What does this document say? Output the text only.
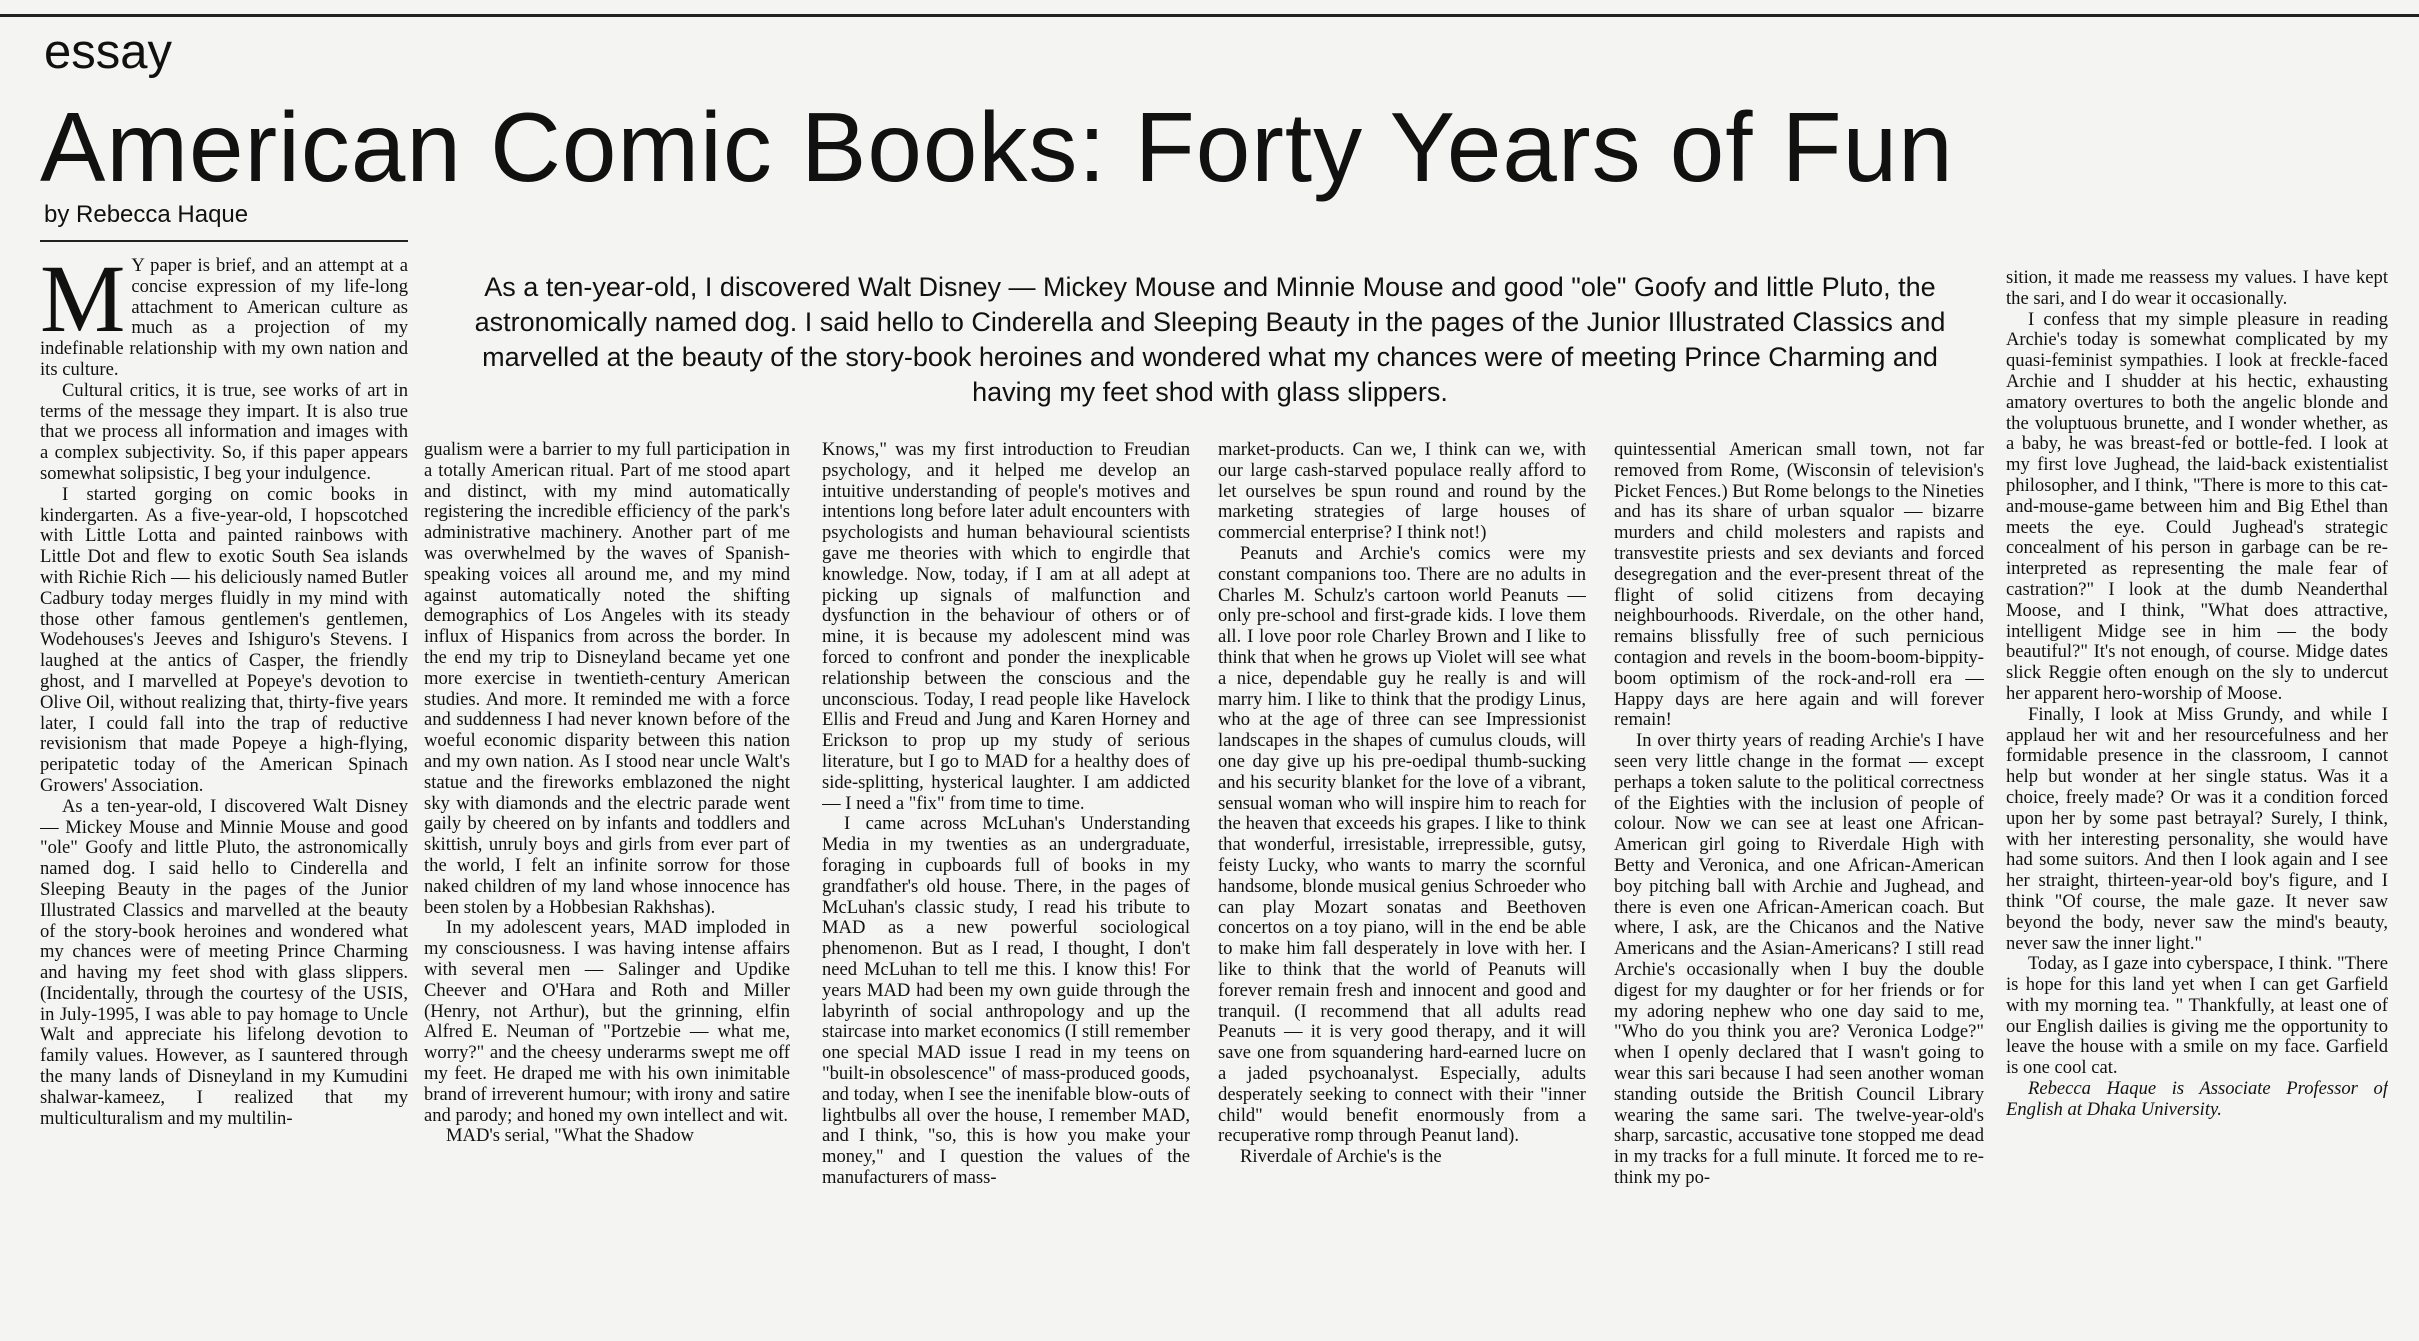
essay
American Comic Books: Forty Years of Fun
by Rebecca Haque

As a ten-year-old, I discovered Walt Disney — Mickey Mouse and Minnie Mouse and good "ole" Goofy and little Pluto, the astronomically named dog. I said hello to Cinderella and Sleeping Beauty in the pages of the Junior Illustrated Classics and marvelled at the beauty of the story-book heroines and wondered what my chances were of meeting Prince Charming and having my feet shod with glass slippers.

M Y paper is brief, and an attempt at a concise expression of my life-long attachment to American culture as much as a projection of my indefinable relationship with my own nation and its culture.

Cultural critics, it is true, see works of art in terms of the message they impart. It is also true that we process all information and images with a complex subjectivity. So, if this paper appears somewhat solipsistic, I beg your indulgence.

I started gorging on comic books in kindergarten. As a five-year-old, I hopscotched with Little Lotta and painted rainbows with Little Dot and flew to exotic South Sea islands with Richie Rich — his deliciously named Butler Cadbury today merges fluidly in my mind with those other famous gentlemen's gentlemen, Wodehouses's Jeeves and Ishiguro's Stevens. I laughed at the antics of Casper, the friendly ghost, and I marvelled at Popeye's devotion to Olive Oil, without realizing that, thirty-five years later, I could fall into the trap of reductive revisionism that made Popeye a high-flying, peripatetic today of the American Spinach Growers' Association.

As a ten-year-old, I discovered Walt Disney — Mickey Mouse and Minnie Mouse and good "ole" Goofy and little Pluto, the astronomically named dog. I said hello to Cinderella and Sleeping Beauty in the pages of the Junior Illustrated Classics and marvelled at the beauty of the story-book heroines and wondered what my chances were of meeting Prince Charming and having my feet shod with glass slippers. (Incidentally, through the courtesy of the USIS, in July-1995, I was able to pay homage to Uncle Walt and appreciate his lifelong devotion to family values. However, as I sauntered through the many lands of Disneyland in my Kumudini shalwar-kameez, I realized that my multiculturalism and my multilin-

gualism were a barrier to my full participation in a totally American ritual. Part of me stood apart and distinct, with my mind automatically registering the incredible efficiency of the park's administrative machinery. Another part of me was overwhelmed by the waves of Spanish-speaking voices all around me, and my mind against automatically noted the shifting demographics of Los Angeles with its steady influx of Hispanics from across the border. In the end my trip to Disneyland became yet one more exercise in twentieth-century American studies. And more. It reminded me with a force and suddenness I had never known before of the woeful economic disparity between this nation and my own nation. As I stood near uncle Walt's statue and the fireworks emblazoned the night sky with diamonds and the electric parade went gaily by cheered on by infants and toddlers and skittish, unruly boys and girls from ever part of the world, I felt an infinite sorrow for those naked children of my land whose innocence has been stolen by a Hobbesian Rakhshas).

In my adolescent years, MAD imploded in my consciousness. I was having intense affairs with several men — Salinger and Updike Cheever and O'Hara and Roth and Miller (Henry, not Arthur), but the grinning, elfin Alfred E. Neuman of "Portzebie — what me, worry?" and the cheesy underarms swept me off my feet. He draped me with his own inimitable brand of irreverent humour; with irony and satire and parody; and honed my own intellect and wit.

MAD's serial, "What the Shadow

Knows," was my first introduction to Freudian psychology, and it helped me develop an intuitive understanding of people's motives and intentions long before later adult encounters with psychologists and human behavioural scientists gave me theories with which to engirdle that knowledge. Now, today, if I am at all adept at picking up signals of malfunction and dysfunction in the behaviour of others or of mine, it is because my adolescent mind was forced to confront and ponder the inexplicable relationship between the conscious and the unconscious. Today, I read people like Havelock Ellis and Freud and Jung and Karen Horney and Erickson to prop up my study of serious literature, but I go to MAD for a healthy does of side-splitting, hysterical laughter. I am addicted — I need a "fix" from time to time.

I came across McLuhan's Understanding Media in my twenties as an undergraduate, foraging in cupboards full of books in my grandfather's old house. There, in the pages of McLuhan's classic study, I read his tribute to MAD as a new powerful sociological phenomenon. But as I read, I thought, I don't need McLuhan to tell me this. I know this! For years MAD had been my own guide through the labyrinth of social anthropology and up the staircase into market economics (I still remember one special MAD issue I read in my teens on "built-in obsolescence" of mass-produced goods, and today, when I see the inenifable blow-outs of lightbulbs all over the house, I remember MAD, and I think, "so, this is how you make your money," and I question the values of the manufacturers of mass-

market-products. Can we, I think can we, with our large cash-starved populace really afford to let ourselves be spun round and round by the marketing strategies of large houses of commercial enterprise? I think not!)

Peanuts and Archie's comics were my constant companions too. There are no adults in Charles M. Schulz's cartoon world Peanuts — only pre-school and first-grade kids. I love them all. I love poor role Charley Brown and I like to think that when he grows up Violet will see what a nice, dependable guy he really is and will marry him. I like to think that the prodigy Linus, who at the age of three can see Impressionist landscapes in the shapes of cumulus clouds, will one day give up his pre-oedipal thumb-sucking and his security blanket for the love of a vibrant, sensual woman who will inspire him to reach for the heaven that exceeds his grapes. I like to think that wonderful, irresistable, irrepressible, gutsy, feisty Lucky, who wants to marry the scornful handsome, blonde musical genius Schroeder who can play Mozart sonatas and Beethoven concertos on a toy piano, will in the end be able to make him fall desperately in love with her. I like to think that the world of Peanuts will forever remain fresh and innocent and good and tranquil. (I recommend that all adults read Peanuts — it is very good therapy, and it will save one from squandering hard-earned lucre on a jaded psychoanalyst. Especially, adults desperately seeking to connect with their "inner child" would benefit enormously from a recuperative romp through Peanut land).

Riverdale of Archie's is the

quintessential American small town, not far removed from Rome, (Wisconsin of television's Picket Fences.) But Rome belongs to the Nineties and has its share of urban squalor — bizarre murders and child molesters and rapists and transvestite priests and sex deviants and forced desegregation and the ever-present threat of the flight of solid citizens from decaying neighbourhoods. Riverdale, on the other hand, remains blissfully free of such pernicious contagion and revels in the boom-boom-bippity-boom optimism of the rock-and-roll era — Happy days are here again and will forever remain!

In over thirty years of reading Archie's I have seen very little change in the format — except perhaps a token salute to the political correctness of the Eighties with the inclusion of people of colour. Now we can see at least one African-American girl going to Riverdale High with Betty and Veronica, and one African-American boy pitching ball with Archie and Jughead, and there is even one African-American coach. But where, I ask, are the Chicanos and the Native Americans and the Asian-Americans? I still read Archie's occasionally when I buy the double digest for my daughter or for her friends or for my adoring nephew who one day said to me, "Who do you think you are? Veronica Lodge?" when I openly declared that I wasn't going to wear this sari because I had seen another woman standing outside the British Council Library wearing the same sari. The twelve-year-old's sharp, sarcastic, accusative tone stopped me dead in my tracks for a full minute. It forced me to re-think my po-

sition, it made me reassess my values. I have kept the sari, and I do wear it occasionally.

I confess that my simple pleasure in reading Archie's today is somewhat complicated by my quasi-feminist sympathies. I look at freckle-faced Archie and I shudder at his hectic, exhausting amatory overtures to both the angelic blonde and the voluptuous brunette, and I wonder whether, as a baby, he was breast-fed or bottle-fed. I look at my first love Jughead, the laid-back existentialist philosopher, and I think, "There is more to this cat-and-mouse-game between him and Big Ethel than meets the eye. Could Jughead's strategic concealment of his person in garbage can be re-interpreted as representing the male fear of castration?" I look at the dumb Neanderthal Moose, and I think, "What does attractive, intelligent Midge see in him — the body beautiful?" It's not enough, of course. Midge dates slick Reggie often enough on the sly to undercut her apparent hero-worship of Moose.

Finally, I look at Miss Grundy, and while I applaud her wit and her resourcefulness and her formidable presence in the classroom, I cannot help but wonder at her single status. Was it a choice, freely made? Or was it a condition forced upon her by some past betrayal? Surely, I think, with her interesting personality, she would have had some suitors. And then I look again and I see her straight, thirteen-year-old boy's figure, and I think "Of course, the male gaze. It never saw beyond the body, never saw the mind's beauty, never saw the inner light."

Today, as I gaze into cyberspace, I think. "There is hope for this land yet when I can get Garfield with my morning tea. " Thankfully, at least one of our English dailies is giving me the opportunity to leave the house with a smile on my face. Garfield is one cool cat.

Rebecca Haque is Associate Professor of English at Dhaka University.
